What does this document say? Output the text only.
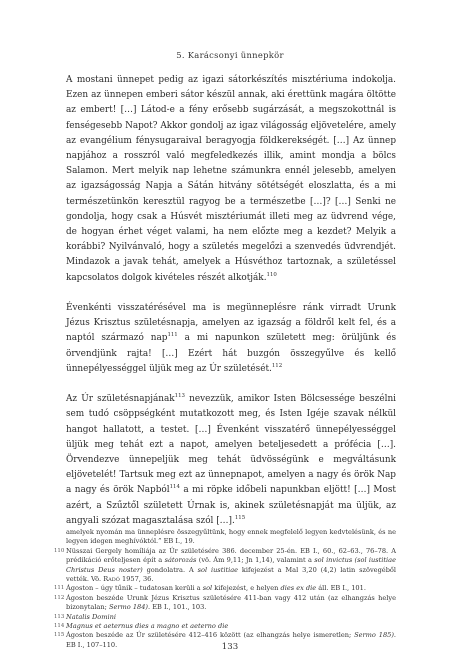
5. Karácsonyi ünnepkör

A mostani ünnepet pedig az igazi sátorkészítés misztériuma indokolja. Ezen az ünnepen emberi sátor készül annak, aki érettünk magára öltötte az embert! […] Látod-e a fény erősebb sugárzását, a megszokottnál is fenségesebb Napot? Akkor gondolj az igaz világosság eljövetelére, amely az evangélium fénysugaraival beragyogja földkerekségét. […] Az ünnep napjához a rosszról való megfeledkezés illik, amint mondja a bölcs Salamon. Mert melyik nap lehetne számunkra ennél jelesebb, amelyen az igazságosság Napja a Sátán hitvány sötétségét eloszlatta, és a mi természetünkön keresztül ragyog be a természetbe […]? […] Senki ne gondolja, hogy csak a Húsvét misztériumát illeti meg az üdvrend vége, de hogyan érhet véget valami, ha nem előzte meg a kezdet? Melyik a korábbi? Nyilvánvaló, hogy a születés megelőzi a szenvedés üdvrendjét. Mindazok a javak tehát, amelyek a Húsvéthoz tartoznak, a születéssel kapcsolatos dolgok kivételes részét alkotják.$^{110}$

Évenkénti visszatérésével ma is megünneplésre ránk virradt Urunk Jézus Krisztus születésnapja, amelyen az igazság a földről kelt fel, és a naptól származó nap$^{111}$ a mi napunkon született meg: örüljünk és örvendjünk rajta! […] Ezért hát buzgón összegyűlve és kellő ünnepélyességgel üljük meg az Úr születését.$^{112}$

Az Úr születésnapjának$^{113}$ nevezzük, amikor Isten Bölcsessége beszélni sem tudó csöppségként mutatkozott meg, és Isten Igéje szavak nélkül hangot hallatott, a testet. […] Évenként visszatérő ünnepélyességgel üljük meg tehát ezt a napot, amelyen beteljesedett a prófécia […]. Örvendezve ünnepeljük meg tehát üdvösségünk e megváltásunk eljövetelét! Tartsuk meg ezt az ünnepnapot, amelyen a nagy és örök Nap a nagy és örök Napból$^{114}$ a mi röpke időbeli napunkban eljött! […] Most azért, a Szűztől született Úrnak is, akinek születésnapját ma üljük, az angyali szózat magasztalása szól […].$^{115}$

amelyek nyomán ma ünneplésre összegyűltünk, hogy ennek megfelelő legyen kedvtelésünk, és ne legyen idegen meghívóktól.” EB I., 19.
110 Nüsszai Gergely homíliája az Úr születésére 386. december 25-én. EB I., 60., 62–63., 76–78. A prédikáció erőteljesen épít a sátorozás (vö. Ám 9,11; Jn 1,14), valamint a sol invictus (sol iustitiae Christus Deus noster) gondolatra. A sol iustitiae kifejezést a Mal 3,20 (4,2) latin szövegéből vették. Vö. Radó 1957, 36.
111 Ágoston – úgy tűnik – tudatosan kerüli a sol kifejezést, e helyen dies ex die áll. EB I., 101.
112 Ágoston beszéde Urunk Jézus Krisztus születésére 411-ban vagy 412 után (az elhangzás helye bizonytalan; Sermo 184). EB I., 101., 103.
113 Natalis Domini
114 Magnus et aeternus dies a magno et aeterno die
115 Ágoston beszéde az Úr születésére 412–416 között (az elhangzás helye ismeretlen; Sermo 185). EB I., 107–110.	133
